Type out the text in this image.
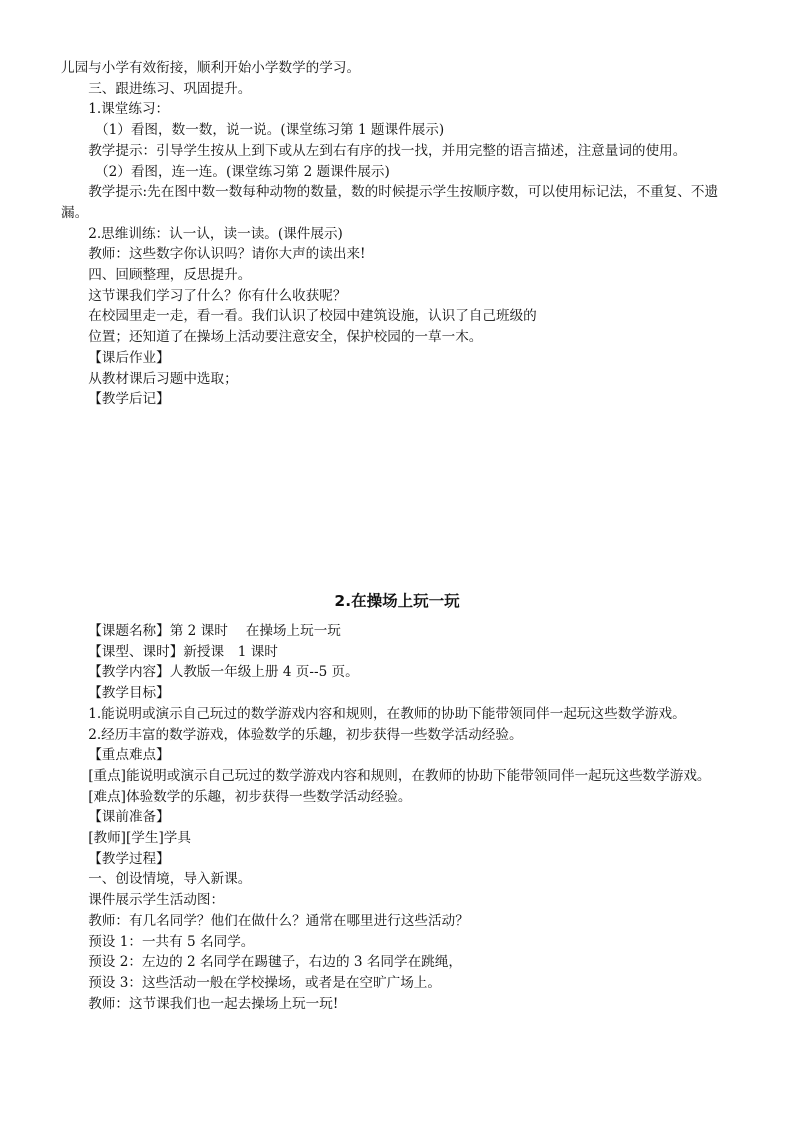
儿园与小学有效衔接，顺利开始小学数学的学习。

三、跟进练习、巩固提升。

1.课堂练习：

（1）看图，数一数，说一说。(课堂练习第 1 题课件展示)

教学提示：引导学生按从上到下或从左到右有序的找一找，并用完整的语言描述，注意量词的使用。

（2）看图，连一连。(课堂练习第 2 题课件展示)

教学提示:先在图中数一数每种动物的数量，数的时候提示学生按顺序数，可以使用标记法，不重复、不遗漏。

2.思维训练：认一认，读一读。(课件展示)

教师：这些数字你认识吗？请你大声的读出来!

四、回顾整理，反思提升。

这节课我们学习了什么？你有什么收获呢？

在校园里走一走，看一看。我们认识了校园中建筑设施，认识了自己班级的

位置；还知道了在操场上活动要注意安全，保护校园的一草一木。

【课后作业】

从教材课后习题中选取；

【教学后记】

2.在操场上玩一玩

【课题名称】第 2 课时　 在操场上玩一玩

【课型、课时】新授课　1 课时

【教学内容】人教版一年级上册 4 页--5 页。

【教学目标】

1.能说明或演示自己玩过的数学游戏内容和规则，在教师的协助下能带领同伴一起玩这些数学游戏。

2.经历丰富的数学游戏，体验数学的乐趣，初步获得一些数学活动经验。

【重点难点】

[重点]能说明或演示自己玩过的数学游戏内容和规则，在教师的协助下能带领同伴一起玩这些数学游戏。

[难点]体验数学的乐趣，初步获得一些数学活动经验。

【课前准备】

[教师][学生]学具

【教学过程】

一、创设情境，导入新课。

课件展示学生活动图：

教师：有几名同学？他们在做什么？通常在哪里进行这些活动？

预设 1：一共有 5 名同学。

预设 2：左边的 2 名同学在踢毽子，右边的 3 名同学在跳绳，

预设 3：这些活动一般在学校操场，或者是在空旷广场上。

教师：这节课我们也一起去操场上玩一玩!
